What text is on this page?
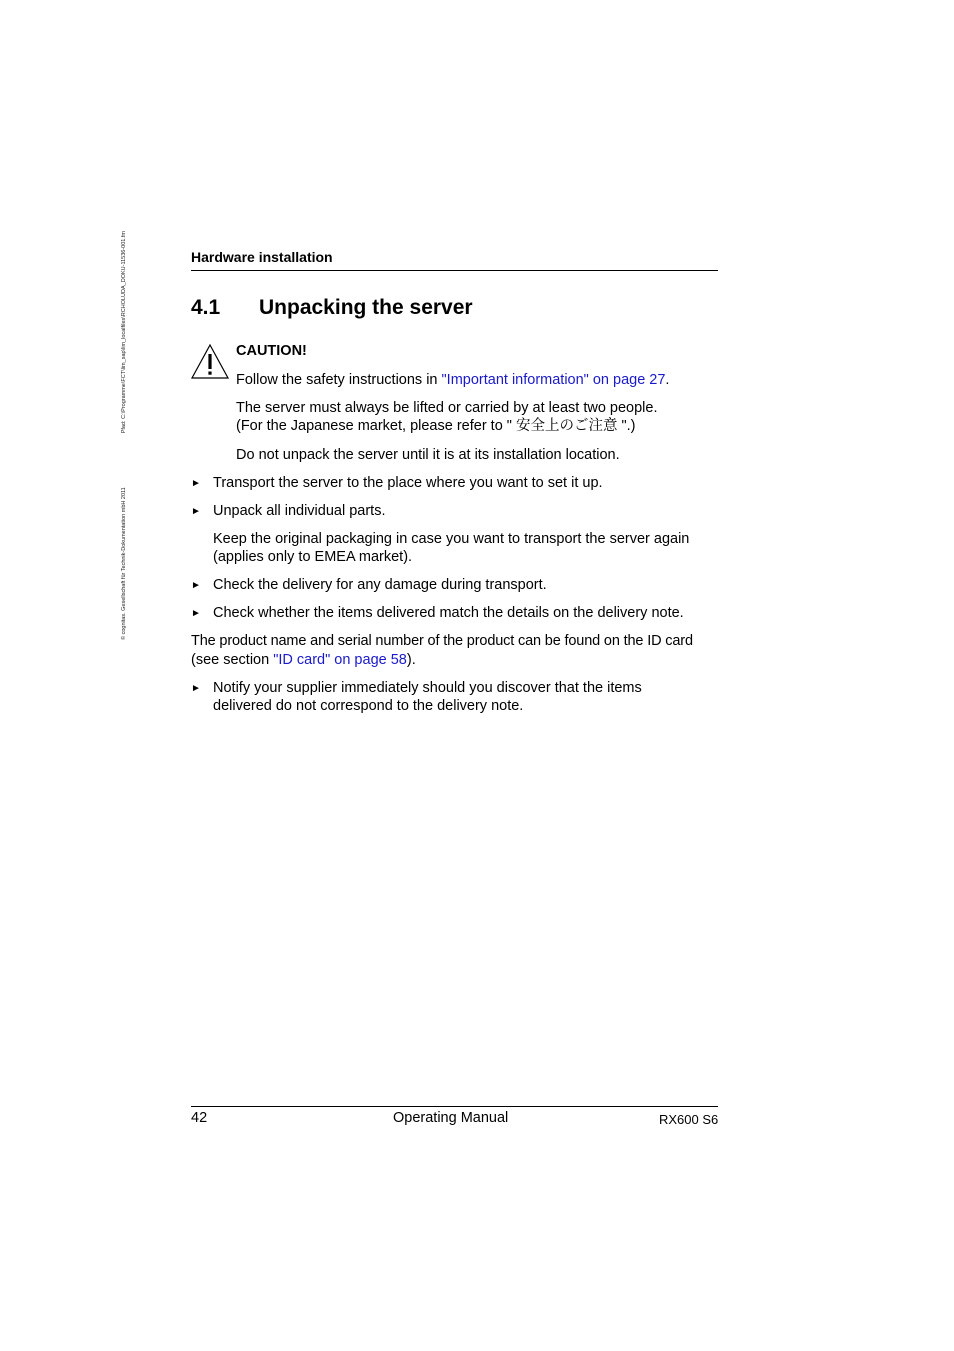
© cognitas. Gesellschaft für Technik-Dokumentation mbH 2011
Pfad: C:\Programme\FCT\lim_sap\lim_localfiles\RCHOLUDA_DOKU-11536-001.fm	Hardware installation
4.1 Unpacking the server
CAUTION!
Follow the safety instructions in "Important information" on page 27.
The server must always be lifted or carried by at least two people.
(For the Japanese market, please refer to " 安全上のご注意 ".)
Do not unpack the server until it is at its installation location.
► Transport the server to the place where you want to set it up.
► Unpack all individual parts.
Keep the original packaging in case you want to transport the server again
(applies only to EMEA market).
► Check the delivery for any damage during transport.
► Check whether the items delivered match the details on the delivery note.
The product name and serial number of the product can be found on the ID card
(see section "ID card" on page 58).
► Notify your supplier immediately should you discover that the items
delivered do not correspond to the delivery note.
42	Operating Manual	RX600 S6
